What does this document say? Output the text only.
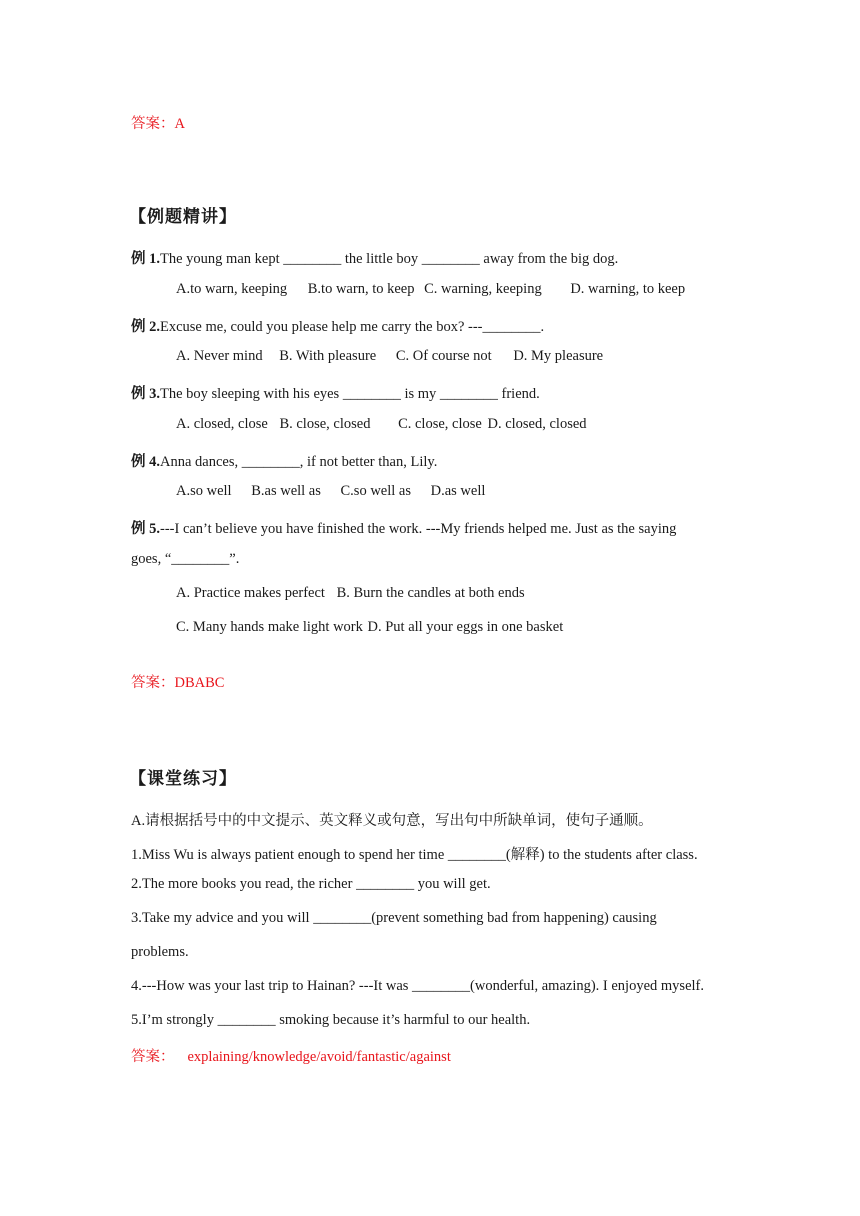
答案：A
【例题精讲】
例 1.The young man kept ________ the little boy ________ away from the big dog.
A.to warn, keeping B.to warn, to keep C. warning, keeping D. warning, to keep
例 2.Excuse me, could you please help me carry the box? ---________.
A. Never mind B. With pleasure C. Of course not D. My pleasure
例 3.The boy sleeping with his eyes ________ is my ________ friend.
A. closed, close B. close, closed C. close, close D. closed, closed
例 4.Anna dances, ________, if not better than, Lily.
A.so well B.as well as C.so well as D.as well
例 5.---I can’t believe you have finished the work. ---My friends helped me. Just as the saying
goes, “________”.
A. Practice makes perfect B. Burn the candles at both ends
C. Many hands make light work D. Put all your eggs in one basket
答案：DBABC
【课堂练习】
A.请根据括号中的中文提示、英文释义或句意，写出句中所缺单词，使句子通顺。
1.Miss Wu is always patient enough to spend her time ________(解释) to the students after class.
2.The more books you read, the richer ________ you will get.
3.Take my advice and you will ________(prevent something bad from happening) causing
problems.
4.---How was your last trip to Hainan? ---It was ________(wonderful, amazing). I enjoyed myself.
5.I’m strongly ________ smoking because it’s harmful to our health.
答案： explaining/knowledge/avoid/fantastic/against
